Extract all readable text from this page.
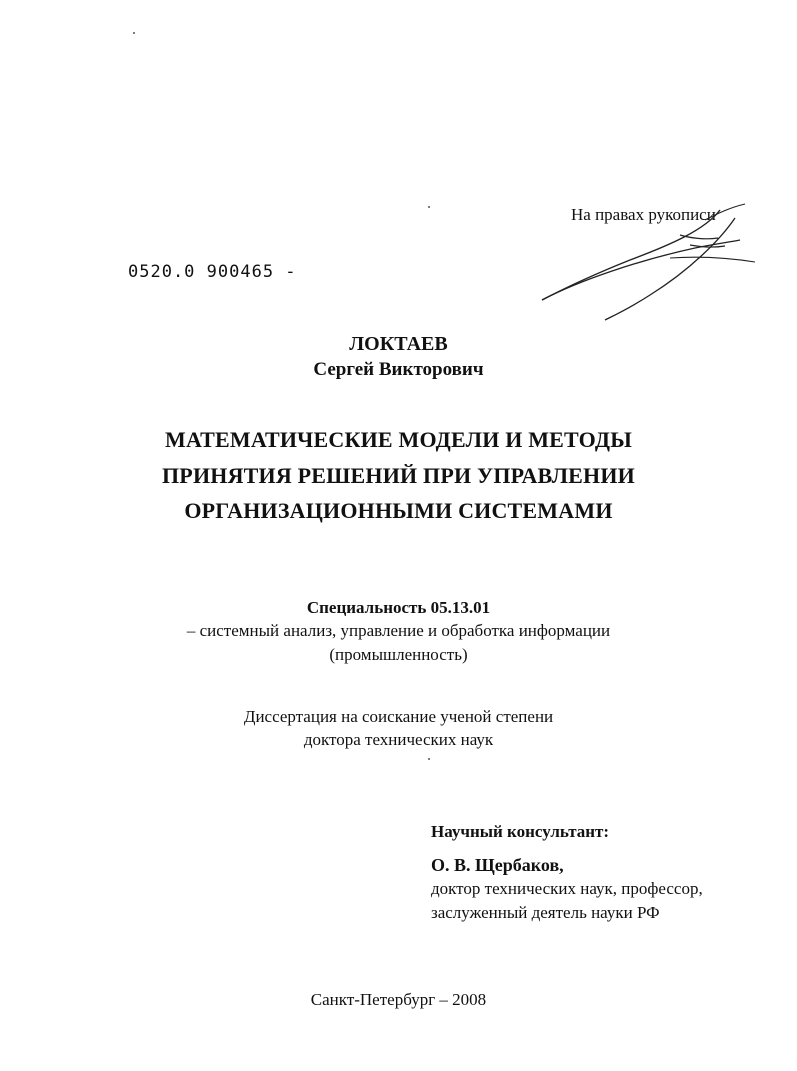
На правах рукописи
0520.0 900465 -
ЛОКТАЕВ
Сергей Викторович
МАТЕМАТИЧЕСКИЕ МОДЕЛИ И МЕТОДЫ
ПРИНЯТИЯ РЕШЕНИЙ ПРИ УПРАВЛЕНИИ
ОРГАНИЗАЦИОННЫМИ СИСТЕМАМИ
Специальность 05.13.01
– системный анализ, управление и обработка информации
(промышленность)
Диссертация на соискание ученой степени
доктора технических наук
Научный консультант:
О. В. Щербаков,
доктор технических наук, профессор,
заслуженный деятель науки РФ
Санкт-Петербург – 2008
